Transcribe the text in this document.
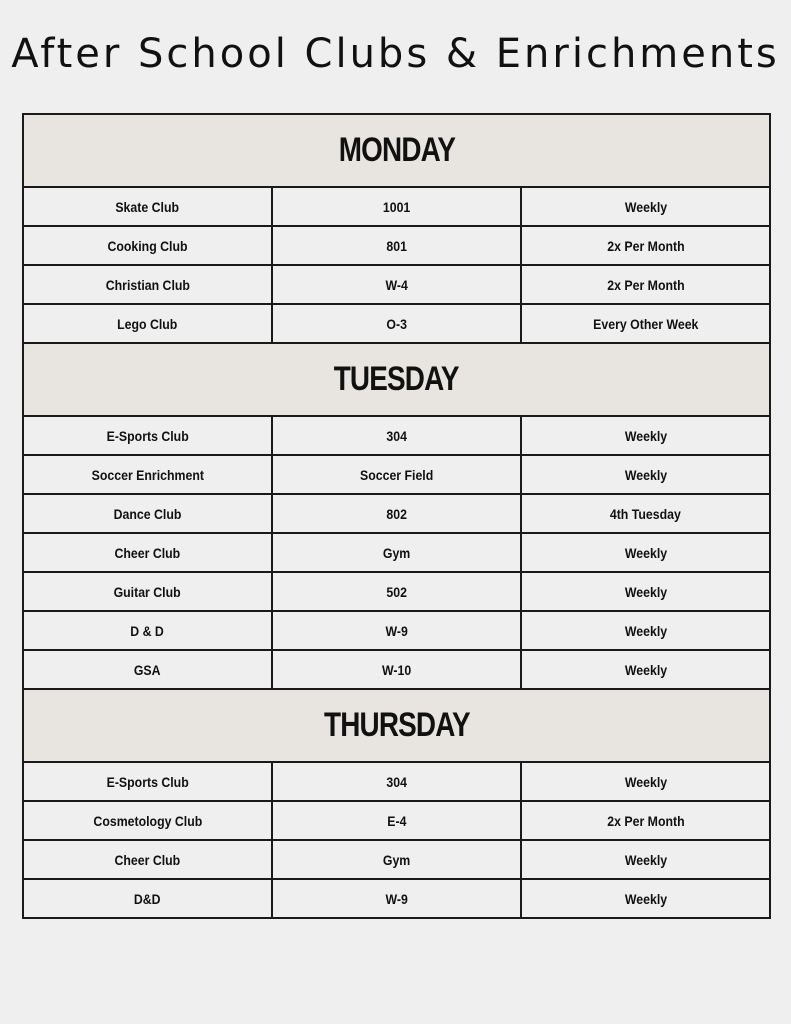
After School Clubs & Enrichments
MONDAY		
Skate Club	1001	Weekly
Cooking Club	801	2x Per Month
Christian Club	W-4	2x Per Month
Lego Club	O-3	Every Other Week
TUESDAY		
E-Sports Club	304	Weekly
Soccer Enrichment	Soccer Field	Weekly
Dance Club	802	4th Tuesday
Cheer Club	Gym	Weekly
Guitar Club	502	Weekly
D & D	W-9	Weekly
GSA	W-10	Weekly
THURSDAY		
E-Sports Club	304	Weekly
Cosmetology Club	E-4	2x Per Month
Cheer Club	Gym	Weekly
D&D	W-9	Weekly
